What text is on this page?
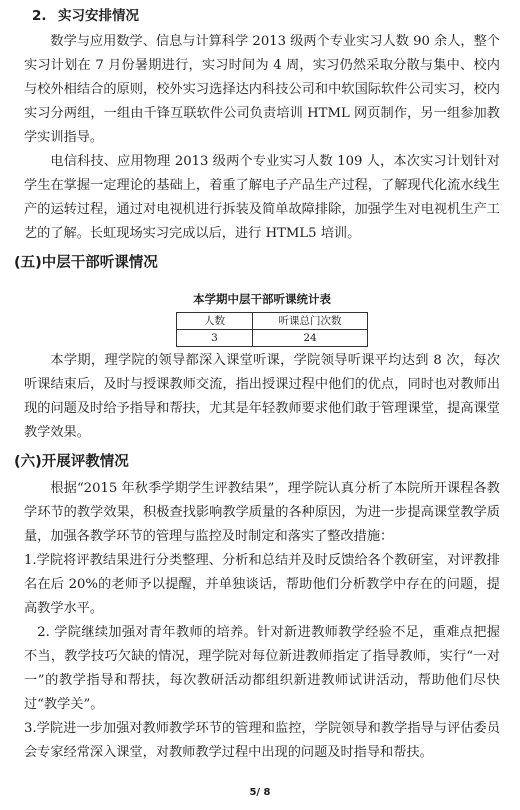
2. 实习安排情况

数学与应用数学、信息与计算科学 2013 级两个专业实习人数 90 余人，整个实习计划在 7 月份暑期进行，实习时间为 4 周，实习仍然采取分散与集中、校内与校外相结合的原则，校外实习选择达内科技公司和中软国际软件公司实习，校内实习分两组，一组由千锋互联软件公司负责培训 HTML 网页制作，另一组参加教学实训指导。

电信科技、应用物理 2013 级两个专业实习人数 109 人，本次实习计划针对学生在掌握一定理论的基础上，着重了解电子产品生产过程，了解现代化流水线生产的运转过程，通过对电视机进行拆装及简单故障排除，加强学生对电视机生产工艺的了解。长虹现场实习完成以后，进行 HTML5 培训。

(五)中层干部听课情况
本学期中层干部听课统计表
人数	听课总门次数
3	24

本学期，理学院的领导都深入课堂听课，学院领导听课平均达到 8 次，每次听课结束后，及时与授课教师交流，指出授课过程中他们的优点，同时也对教师出现的问题及时给予指导和帮扶，尤其是年轻教师要求他们敢于管理课堂，提高课堂教学效果。

(六)开展评教情况

根据“2015 年秋季学期学生评教结果”，理学院认真分析了本院所开课程各教学环节的教学效果，积极查找影响教学质量的各种原因，为进一步提高课堂教学质量，加强各教学环节的管理与监控及时制定和落实了整改措施：

1.学院将评教结果进行分类整理、分析和总结并及时反馈给各个教研室，对评教排名在后 20%的老师予以提醒，并单独谈话，帮助他们分析教学中存在的问题，提高教学水平。

2. 学院继续加强对青年教师的培养。针对新进教师教学经验不足，重难点把握不当，教学技巧欠缺的情况，理学院对每位新进教师指定了指导教师，实行“一对一”的教学指导和帮扶，每次教研活动都组织新进教师试讲活动，帮助他们尽快过“教学关”。

3.学院进一步加强对教师教学环节的管理和监控，学院领导和教学指导与评估委员会专家经常深入课堂，对教师教学过程中出现的问题及时指导和帮扶。

5/ 8
